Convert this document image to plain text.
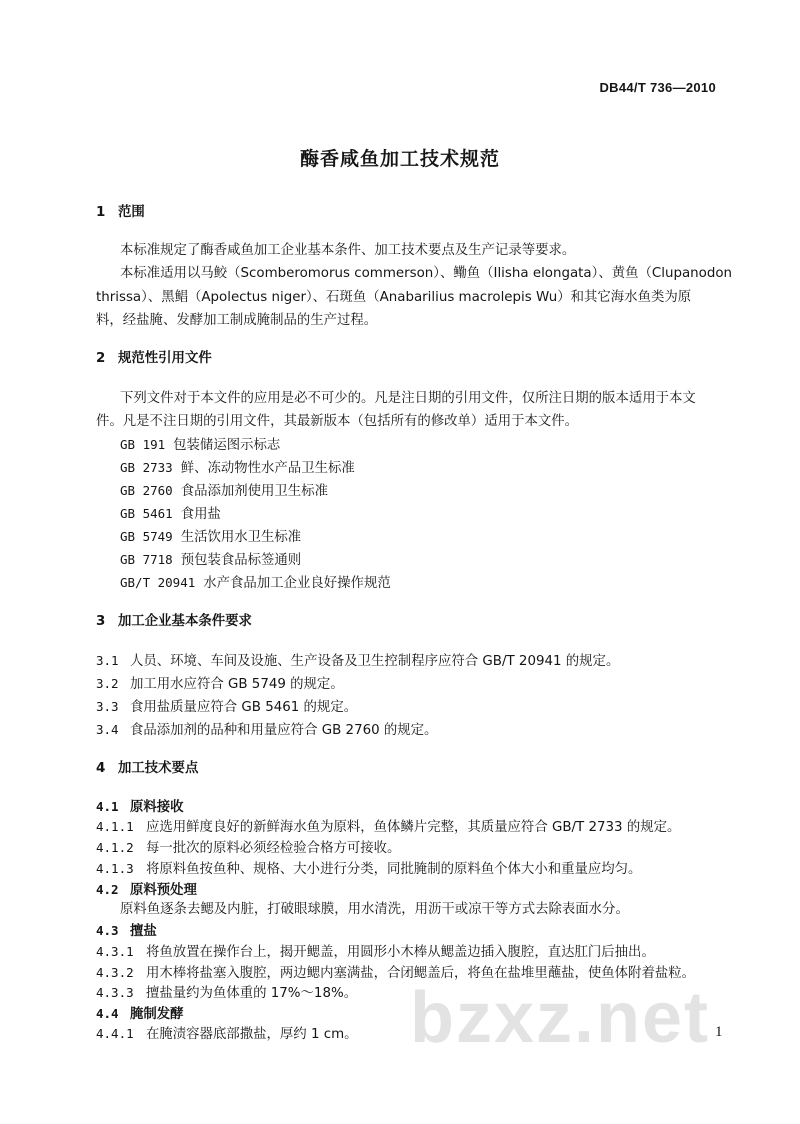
DB44/T 736—2010
酶香咸鱼加工技术规范
1 范围
本标准规定了酶香咸鱼加工企业基本条件、加工技术要点及生产记录等要求。
本标准适用以马鲛（Scomberomorus commerson）、鳓鱼（Ilisha elongata）、黄鱼（Clupanodon
thrissa）、黑鲳（Apolectus niger）、石斑鱼（Anabarilius macrolepis Wu）和其它海水鱼类为原
料，经盐腌、发酵加工制成腌制品的生产过程。
2 规范性引用文件
下列文件对于本文件的应用是必不可少的。凡是注日期的引用文件，仅所注日期的版本适用于本文
件。凡是不注日期的引用文件，其最新版本（包括所有的修改单）适用于本文件。
GB 191 包装储运图示标志
GB 2733 鲜、冻动物性水产品卫生标准
GB 2760 食品添加剂使用卫生标准
GB 5461 食用盐
GB 5749 生活饮用水卫生标准
GB 7718 预包装食品标签通则
GB/T 20941 水产食品加工企业良好操作规范
3 加工企业基本条件要求
3.1 人员、环境、车间及设施、生产设备及卫生控制程序应符合 GB/T 20941 的规定。
3.2 加工用水应符合 GB 5749 的规定。
3.3 食用盐质量应符合 GB 5461 的规定。
3.4 食品添加剂的品种和用量应符合 GB 2760 的规定。
4 加工技术要点
4.1 原料接收
4.1.1 应选用鲜度良好的新鲜海水鱼为原料，鱼体鳞片完整，其质量应符合 GB/T 2733 的规定。
4.1.2 每一批次的原料必须经检验合格方可接收。
4.1.3 将原料鱼按鱼种、规格、大小进行分类，同批腌制的原料鱼个体大小和重量应均匀。
4.2 原料预处理
原料鱼逐条去鳃及内脏，打破眼球膜，用水清洗，用沥干或凉干等方式去除表面水分。
4.3 擅盐
4.3.1 将鱼放置在操作台上，揭开鳃盖，用圆形小木棒从鳃盖边插入腹腔，直达肛门后抽出。
4.3.2 用木棒将盐塞入腹腔，两边鳃内塞满盐，合闭鳃盖后，将鱼在盐堆里蘸盐，使鱼体附着盐粒。
4.3.3 擅盐量约为鱼体重的 17%～18%。
4.4 腌制发酵
4.4.1 在腌渍容器底部撒盐，厚约 1 cm。 bzxz.net 1
